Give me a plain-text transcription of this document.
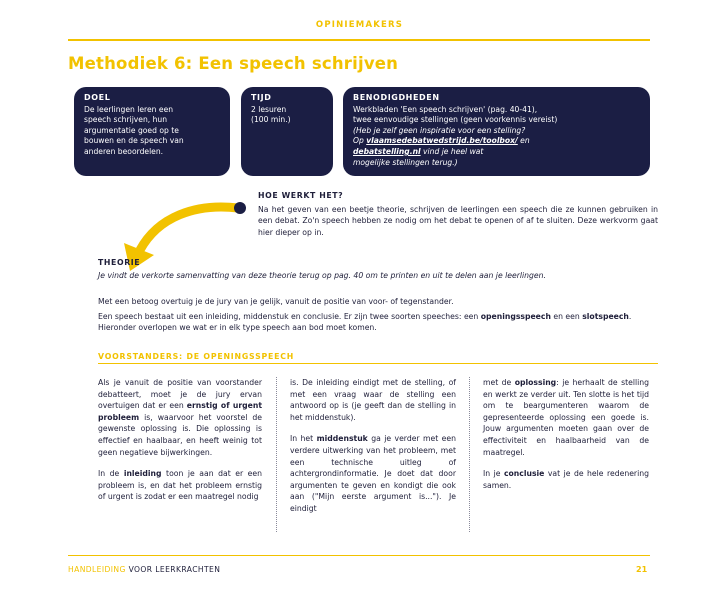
OPINIEMAKERS
Methodiek 6: Een speech schrijven
DOEL
De leerlingen leren een speech schrijven, hun argumentatie goed op te bouwen en de speech van anderen beoordelen.
TIJD
2 lesuren
(100 min.)
BENODIGDHEDEN
Werkbladen 'Een speech schrijven' (pag. 40-41),
twee eenvoudige stellingen (geen voorkennis vereist)
(Heb je zelf geen inspiratie voor een stelling?
Op vlaamsedebatwedstrijd.be/toolbox/ en
debatstelling.nl vind je heel wat
mogelijke stellingen terug.)
HOE WERKT HET?
Na het geven van een beetje theorie, schrijven de leerlingen een speech die ze kunnen gebruiken in een debat. Zo'n speech hebben ze nodig om het debat te openen of af te sluiten. Deze werkvorm gaat hier dieper op in.
THEORIE
Je vindt de verkorte samenvatting van deze theorie terug op pag. 40 om te printen en uit te delen aan je leerlingen.
Met een betoog overtuig je de jury van je gelijk, vanuit de positie van voor- of tegenstander.
Een speech bestaat uit een inleiding, middenstuk en conclusie. Er zijn twee soorten speeches: een openingsspeech en een slotspeech. Hieronder overlopen we wat er in elk type speech aan bod moet komen.
VOORSTANDERS: DE OPENINGSSPEECH

Als je vanuit de positie van voorstander debatteert, moet je de jury ervan overtuigen dat er een ernstig of urgent probleem is, waarvoor het voorstel de gewenste oplossing is. Die oplossing is effectief en haalbaar, en heeft weinig tot geen negatieve bijwerkingen.

In de inleiding toon je aan dat er een probleem is, en dat het probleem ernstig of urgent is zodat er een maatregel nodig

is. De inleiding eindigt met de stelling, of met een vraag waar de stelling een antwoord op is (je geeft dan de stelling in het middenstuk).

In het middenstuk ga je verder met een verdere uitwerking van het probleem, met een technische uitleg of achtergrondinformatie. Je doet dat door argumenten te geven en kondigt die ook aan ("Mijn eerste argument is..."). Je eindigt

met de oplossing: je herhaalt de stelling en werkt ze verder uit. Ten slotte is het tijd om te beargumenteren waarom de gepresenteerde oplossing een goede is. Jouw argumenten moeten gaan over de effectiviteit en haalbaarheid van de maatregel.

In je conclusie vat je de hele redenering samen.

HANDLEIDING VOOR LEERKRACHTEN	21
